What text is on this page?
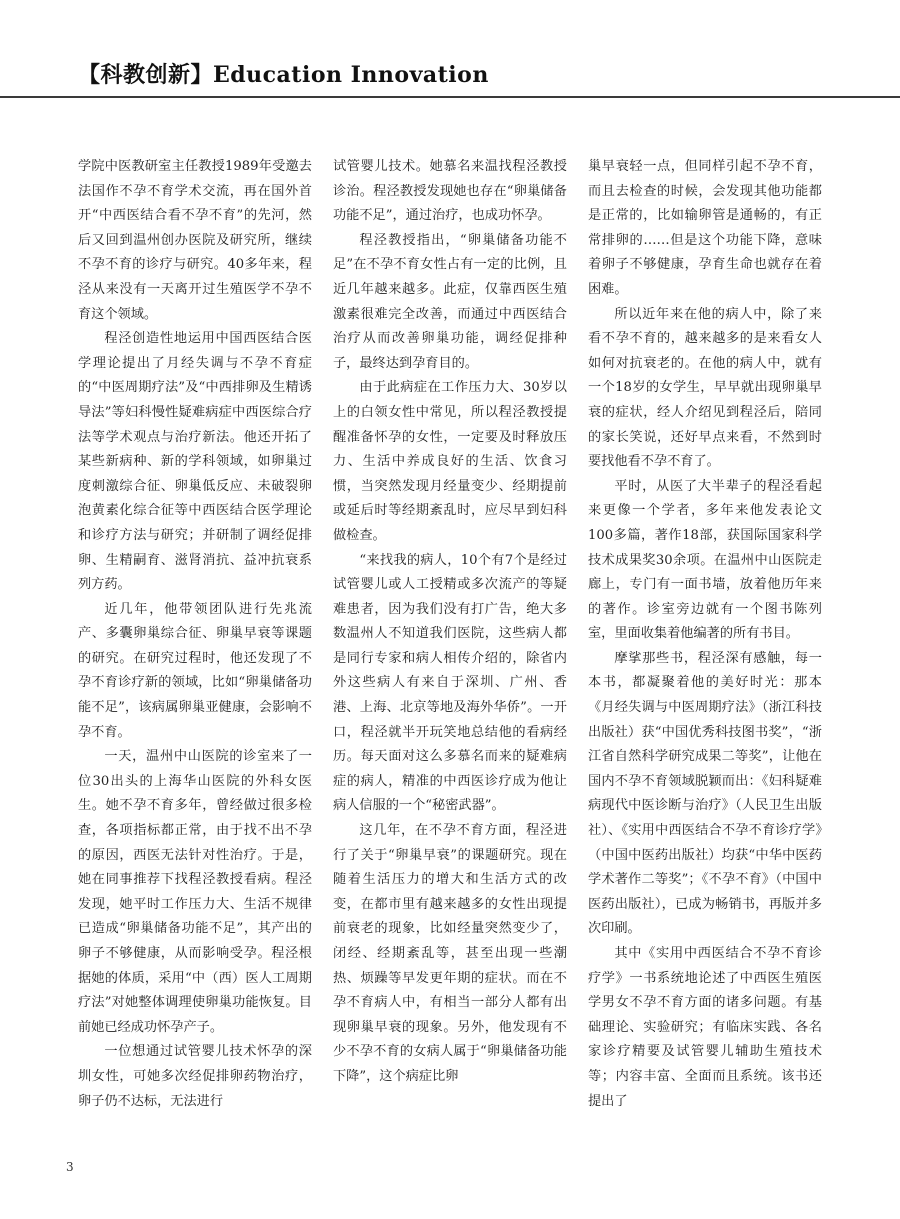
【科教创新】Education Innovation

学院中医教研室主任教授1989年受邀去法国作不孕不育学术交流，再在国外首开“中西医结合看不孕不育”的先河，然后又回到温州创办医院及研究所，继续不孕不育的诊疗与研究。40多年来，程泾从来没有一天离开过生殖医学不孕不育这个领域。

程泾创造性地运用中国西医结合医学理论提出了月经失调与不孕不育症的“中医周期疗法”及“中西排卵及生精诱导法”等妇科慢性疑难病症中西医综合疗法等学术观点与治疗新法。他还开拓了某些新病种、新的学科领域，如卵巢过度刺激综合征、卵巢低反应、未破裂卵泡黄素化综合征等中西医结合医学理论和诊疗方法与研究；并研制了调经促排卵、生精嗣育、滋肾消抗、益冲抗衰系列方药。

近几年，他带领团队进行先兆流产、多囊卵巢综合征、卵巢早衰等课题的研究。在研究过程时，他还发现了不孕不育诊疗新的领域，比如“卵巢储备功能不足”，该病属卵巢亚健康，会影响不孕不育。

一天，温州中山医院的诊室来了一位30出头的上海华山医院的外科女医生。她不孕不育多年，曾经做过很多检查，各项指标都正常，由于找不出不孕的原因，西医无法针对性治疗。于是，她在同事推荐下找程泾教授看病。程泾发现，她平时工作压力大、生活不规律已造成“卵巢储备功能不足”，其产出的卵子不够健康，从而影响受孕。程泾根据她的体质，采用“中（西）医人工周期疗法”对她整体调理使卵巢功能恢复。目前她已经成功怀孕产子。

一位想通过试管婴儿技术怀孕的深圳女性，可她多次经促排卵药物治疗，卵子仍不达标，无法进行

试管婴儿技术。她慕名来温找程泾教授诊治。程泾教授发现她也存在“卵巢储备功能不足”，通过治疗，也成功怀孕。

程泾教授指出，“卵巢储备功能不足”在不孕不育女性占有一定的比例，且近几年越来越多。此症，仅靠西医生殖激素很难完全改善，而通过中西医结合治疗从而改善卵巢功能，调经促排种子，最终达到孕育目的。

由于此病症在工作压力大、30岁以上的白领女性中常见，所以程泾教授提醒准备怀孕的女性，一定要及时释放压力、生活中养成良好的生活、饮食习惯，当突然发现月经量变少、经期提前或延后时等经期紊乱时，应尽早到妇科做检查。

“来找我的病人，10个有7个是经过试管婴儿或人工授精或多次流产的等疑难患者，因为我们没有打广告，绝大多数温州人不知道我们医院，这些病人都是同行专家和病人相传介绍的，除省内外这些病人有来自于深圳、广州、香港、上海、北京等地及海外华侨”。一开口，程泾就半开玩笑地总结他的看病经历。每天面对这么多慕名而来的疑难病症的病人，精准的中西医诊疗成为他让病人信服的一个“秘密武器”。

这几年，在不孕不育方面，程泾进行了关于“卵巢早衰”的课题研究。现在随着生活压力的增大和生活方式的改变，在都市里有越来越多的女性出现提前衰老的现象，比如经量突然变少了，闭经、经期紊乱等，甚至出现一些潮热、烦躁等早发更年期的症状。而在不孕不育病人中，有相当一部分人都有出现卵巢早衰的现象。另外，他发现有不少不孕不育的女病人属于“卵巢储备功能下降”，这个病症比卵

巢早衰轻一点，但同样引起不孕不育，而且去检查的时候，会发现其他功能都是正常的，比如输卵管是通畅的，有正常排卵的……但是这个功能下降，意味着卵子不够健康，孕育生命也就存在着困难。

所以近年来在他的病人中，除了来看不孕不育的，越来越多的是来看女人如何对抗衰老的。在他的病人中，就有一个18岁的女学生，早早就出现卵巢早衰的症状，经人介绍见到程泾后，陪同的家长笑说，还好早点来看，不然到时要找他看不孕不育了。

平时，从医了大半辈子的程泾看起来更像一个学者，多年来他发表论文100多篇，著作18部，获国际国家科学技术成果奖30余项。在温州中山医院走廊上，专门有一面书墙，放着他历年来的著作。诊室旁边就有一个图书陈列室，里面收集着他编著的所有书目。

摩挲那些书，程泾深有感触，每一本书，都凝聚着他的美好时光：那本《月经失调与中医周期疗法》（浙江科技出版社）获“中国优秀科技图书奖”，“浙江省自然科学研究成果二等奖”，让他在国内不孕不育领域脱颖而出：《妇科疑难病现代中医诊断与治疗》（人民卫生出版社）、《实用中西医结合不孕不育诊疗学》（中国中医药出版社）均获“中华中医药学术著作二等奖”；《不孕不育》（中国中医药出版社），已成为畅销书，再版并多次印刷。

其中《实用中西医结合不孕不育诊疗学》一书系统地论述了中西医生殖医学男女不孕不育方面的诸多问题。有基础理论、实验研究；有临床实践、各名家诊疗精要及试管婴儿辅助生殖技术等；内容丰富、全面而且系统。该书还提出了

3
